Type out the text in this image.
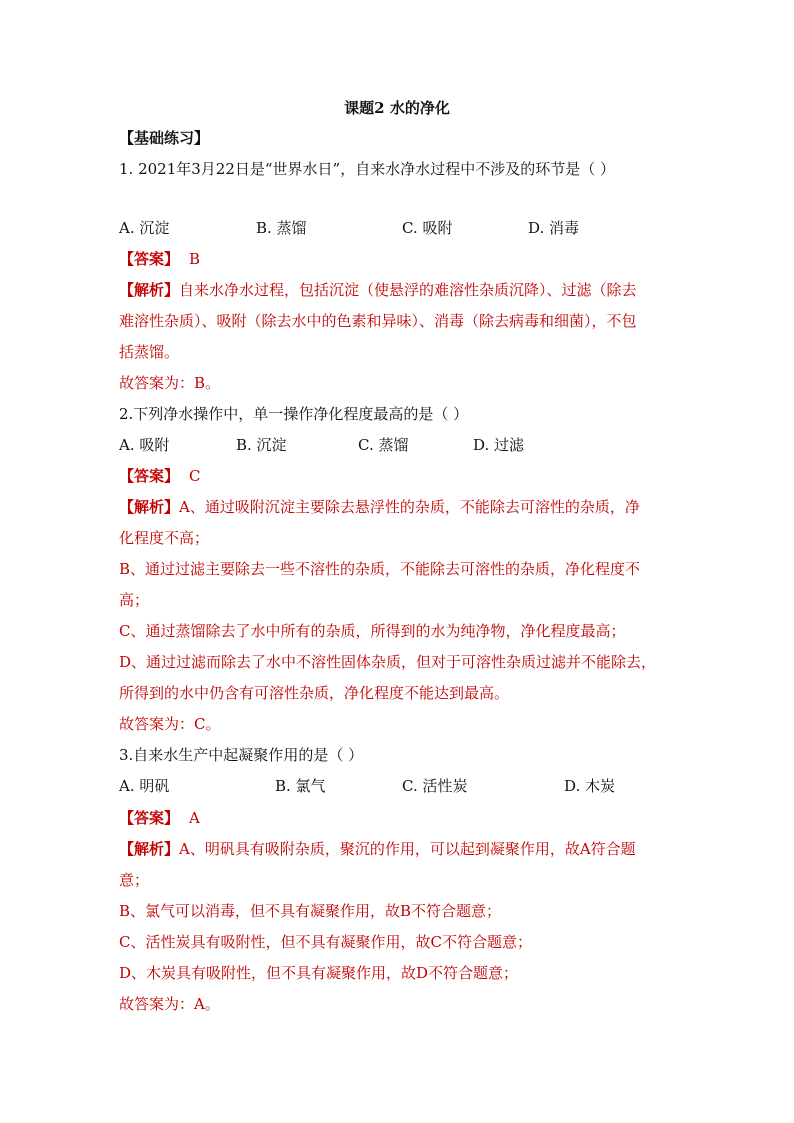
课题2 水的净化
【基础练习】
1. 2021年3月22日是“世界水日”，自来水净水过程中不涉及的环节是（ ）
A. 沉淀	B. 蒸馏	C. 吸附	D. 消毒
【答案】 B
【解析】自来水净水过程，包括沉淀（使悬浮的难溶性杂质沉降）、过滤（除去
难溶性杂质）、吸附（除去水中的色素和异味）、消毒（除去病毒和细菌），不包
括蒸馏。
故答案为：B。
2.下列净水操作中，单一操作净化程度最高的是（ ）
A. 吸附	B. 沉淀	C. 蒸馏	D. 过滤
【答案】 C
【解析】A、通过吸附沉淀主要除去悬浮性的杂质，不能除去可溶性的杂质，净
化程度不高；
B、通过过滤主要除去一些不溶性的杂质，不能除去可溶性的杂质，净化程度不
高；
C、通过蒸馏除去了水中所有的杂质，所得到的水为纯净物，净化程度最高；
D、通过过滤而除去了水中不溶性固体杂质，但对于可溶性杂质过滤并不能除去，
所得到的水中仍含有可溶性杂质，净化程度不能达到最高。
故答案为：C。
3.自来水生产中起凝聚作用的是（ ）
A. 明矾	B. 氯气	C. 活性炭	D. 木炭
【答案】 A
【解析】A、明矾具有吸附杂质，聚沉的作用，可以起到凝聚作用，故A符合题
意；
B、氯气可以消毒，但不具有凝聚作用，故B不符合题意；
C、活性炭具有吸附性，但不具有凝聚作用，故C不符合题意；
D、木炭具有吸附性，但不具有凝聚作用，故D不符合题意；
故答案为：A。
